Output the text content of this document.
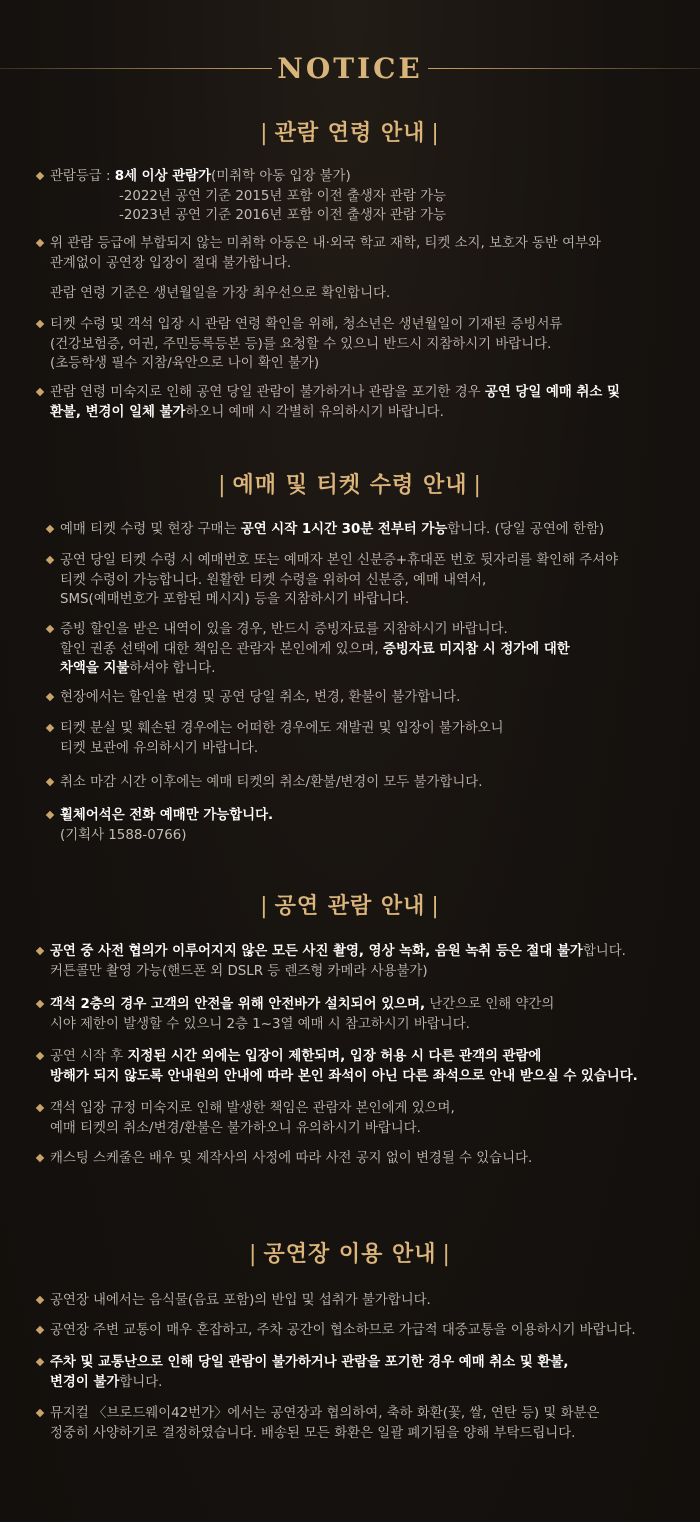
NOTICE
| 관람 연령 안내 |
관람등급 : 8세 이상 관람가(미취학 아동 입장 불가)
-2022년 공연 기준 2015년 포함 이전 출생자 관람 가능
-2023년 공연 기준 2016년 포함 이전 출생자 관람 가능
위 관람 등급에 부합되지 않는 미취학 아동은 내·외국 학교 재학, 티켓 소지, 보호자 동반 여부와
관계없이 공연장 입장이 절대 불가합니다.
관람 연령 기준은 생년월일을 가장 최우선으로 확인합니다.
티켓 수령 및 객석 입장 시 관람 연령 확인을 위해, 청소년은 생년월일이 기재된 증빙서류
(건강보험증, 여권, 주민등록등본 등)를 요청할 수 있으니 반드시 지참하시기 바랍니다.
(초등학생 필수 지참/육안으로 나이 확인 불가)
관람 연령 미숙지로 인해 공연 당일 관람이 불가하거나 관람을 포기한 경우 공연 당일 예매 취소 및
환불, 변경이 일체 불가하오니 예매 시 각별히 유의하시기 바랍니다.
| 예매 및 티켓 수령 안내 |
예매 티켓 수령 및 현장 구매는 공연 시작 1시간 30분 전부터 가능합니다. (당일 공연에 한함)
공연 당일 티켓 수령 시 예매번호 또는 예매자 본인 신분증+휴대폰 번호 뒷자리를 확인해 주셔야
티켓 수령이 가능합니다. 원활한 티켓 수령을 위하여 신분증, 예매 내역서,
SMS(예매번호가 포함된 메시지) 등을 지참하시기 바랍니다.
증빙 할인을 받은 내역이 있을 경우, 반드시 증빙자료를 지참하시기 바랍니다.
할인 권종 선택에 대한 책임은 관람자 본인에게 있으며, 증빙자료 미지참 시 정가에 대한
차액을 지불하셔야 합니다.
현장에서는 할인율 변경 및 공연 당일 취소, 변경, 환불이 불가합니다.
티켓 분실 및 훼손된 경우에는 어떠한 경우에도 재발권 및 입장이 불가하오니
티켓 보관에 유의하시기 바랍니다.
취소 마감 시간 이후에는 예매 티켓의 취소/환불/변경이 모두 불가합니다.
휠체어석은 전화 예매만 가능합니다.
(기획사 1588-0766)
| 공연 관람 안내 |
공연 중 사전 협의가 이루어지지 않은 모든 사진 촬영, 영상 녹화, 음원 녹취 등은 절대 불가합니다.
커튼콜만 촬영 가능(핸드폰 외 DSLR 등 렌즈형 카메라 사용불가)
객석 2층의 경우 고객의 안전을 위해 안전바가 설치되어 있으며, 난간으로 인해 약간의
시야 제한이 발생할 수 있으니 2층 1~3열 예매 시 참고하시기 바랍니다.
공연 시작 후 지정된 시간 외에는 입장이 제한되며, 입장 허용 시 다른 관객의 관람에
방해가 되지 않도록 안내원의 안내에 따라 본인 좌석이 아닌 다른 좌석으로 안내 받으실 수 있습니다.
객석 입장 규정 미숙지로 인해 발생한 책임은 관람자 본인에게 있으며,
예매 티켓의 취소/변경/환불은 불가하오니 유의하시기 바랍니다.
캐스팅 스케줄은 배우 및 제작사의 사정에 따라 사전 공지 없이 변경될 수 있습니다.
| 공연장 이용 안내 |
공연장 내에서는 음식물(음료 포함)의 반입 및 섭취가 불가합니다.
공연장 주변 교통이 매우 혼잡하고, 주차 공간이 협소하므로 가급적 대중교통을 이용하시기 바랍니다.
주차 및 교통난으로 인해 당일 관람이 불가하거나 관람을 포기한 경우 예매 취소 및 환불,
변경이 불가합니다.
뮤지컬 〈브로드웨이42번가〉에서는 공연장과 협의하여, 축하 화환(꽃, 쌀, 연탄 등) 및 화분은
정중히 사양하기로 결정하였습니다. 배송된 모든 화환은 일괄 폐기됨을 양해 부탁드립니다.
